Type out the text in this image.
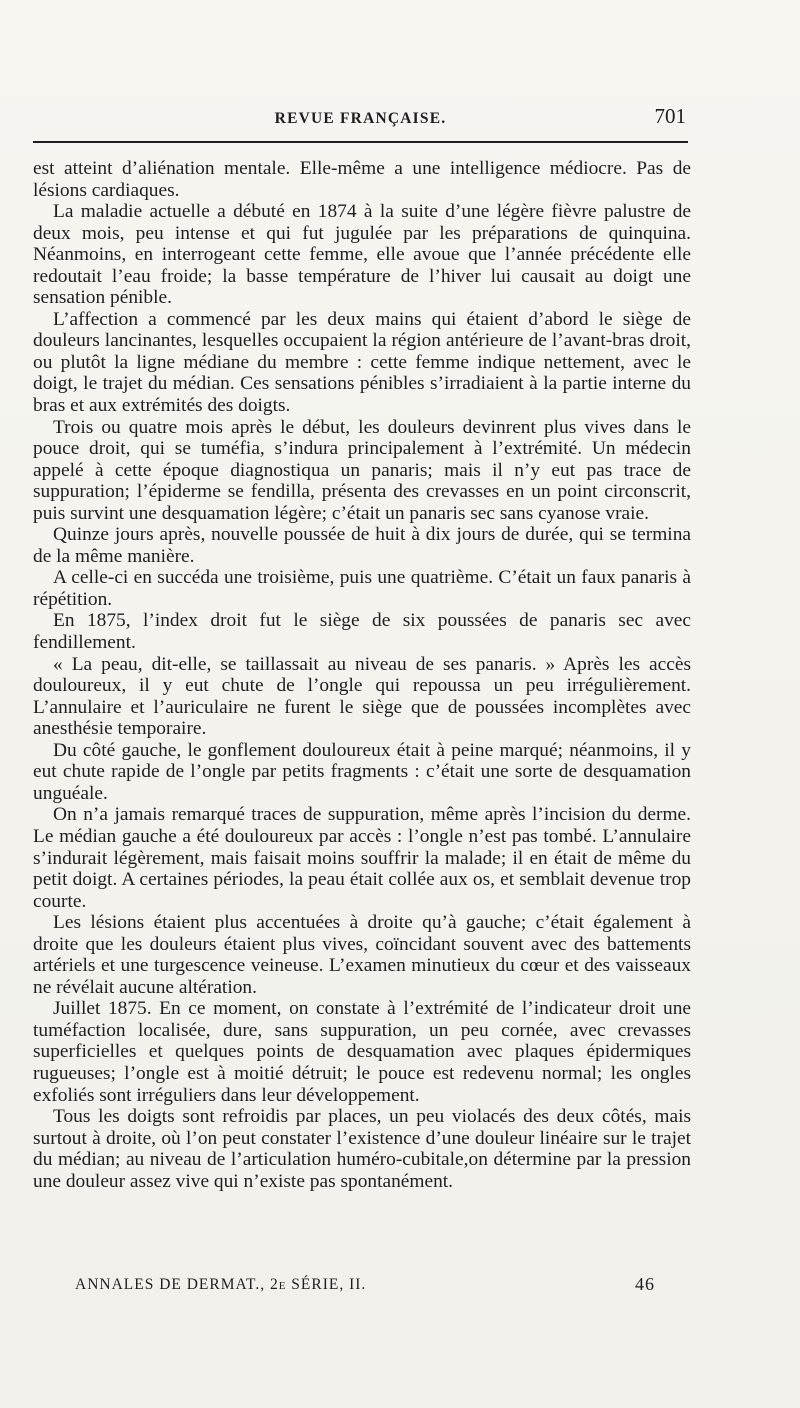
REVUE FRANÇAISE.	701

est atteint d’aliénation mentale. Elle-même a une intelligence médiocre. Pas de lésions cardiaques.

La maladie actuelle a débuté en 1874 à la suite d’une légère fièvre palustre de deux mois, peu intense et qui fut jugulée par les préparations de quinquina. Néanmoins, en interrogeant cette femme, elle avoue que l’année précédente elle redoutait l’eau froide; la basse température de l’hiver lui causait au doigt une sensation pénible.

L’affection a commencé par les deux mains qui étaient d’abord le siège de douleurs lancinantes, lesquelles occupaient la région antérieure de l’avant-bras droit, ou plutôt la ligne médiane du membre : cette femme indique nettement, avec le doigt, le trajet du médian. Ces sensations pénibles s’irradiaient à la partie interne du bras et aux extrémités des doigts.

Trois ou quatre mois après le début, les douleurs devinrent plus vives dans le pouce droit, qui se tuméfia, s’indura principalement à l’extrémité. Un médecin appelé à cette époque diagnostiqua un panaris; mais il n’y eut pas trace de suppuration; l’épiderme se fendilla, présenta des crevasses en un point circonscrit, puis survint une desquamation légère; c’était un panaris sec sans cyanose vraie.

Quinze jours après, nouvelle poussée de huit à dix jours de durée, qui se termina de la même manière.

A celle-ci en succéda une troisième, puis une quatrième. C’était un faux panaris à répétition.

En 1875, l’index droit fut le siège de six poussées de panaris sec avec fendillement.

« La peau, dit-elle, se taillassait au niveau de ses panaris. » Après les accès douloureux, il y eut chute de l’ongle qui repoussa un peu irrégulièrement. L’annulaire et l’auriculaire ne furent le siège que de poussées incomplètes avec anesthésie temporaire.

Du côté gauche, le gonflement douloureux était à peine marqué; néanmoins, il y eut chute rapide de l’ongle par petits fragments : c’était une sorte de desquamation unguéale.

On n’a jamais remarqué traces de suppuration, même après l’incision du derme. Le médian gauche a été douloureux par accès : l’ongle n’est pas tombé. L’annulaire s’indurait légèrement, mais faisait moins souffrir la malade; il en était de même du petit doigt. A certaines périodes, la peau était collée aux os, et semblait devenue trop courte.

Les lésions étaient plus accentuées à droite qu’à gauche; c’était également à droite que les douleurs étaient plus vives, coïncidant souvent avec des battements artériels et une turgescence veineuse. L’examen minutieux du cœur et des vaisseaux ne révélait aucune altération.

Juillet 1875. En ce moment, on constate à l’extrémité de l’indicateur droit une tuméfaction localisée, dure, sans suppuration, un peu cornée, avec crevasses superficielles et quelques points de desquamation avec plaques épidermiques rugueuses; l’ongle est à moitié détruit; le pouce est redevenu normal; les ongles exfoliés sont irréguliers dans leur développement.

Tous les doigts sont refroidis par places, un peu violacés des deux côtés, mais surtout à droite, où l’on peut constater l’existence d’une douleur linéaire sur le trajet du médian; au niveau de l’articulation huméro-cubitale,on détermine par la pression une douleur assez vive qui n’existe pas spontanément.

ANNALES DE DERMAT., 2e SÉRIE, II.	46
